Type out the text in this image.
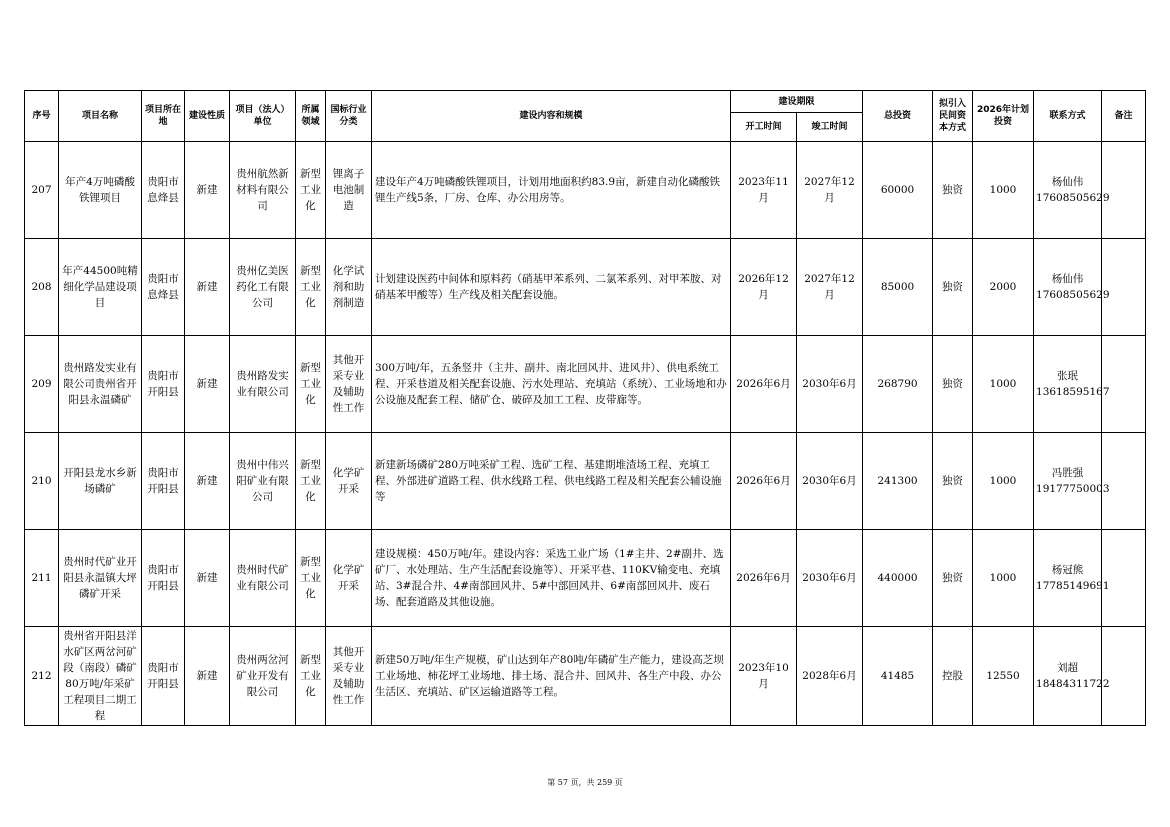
序号	项目名称	项目所在地	建设性质	项目（法人）单位	所属领域	国标行业分类	建设内容和规模	建设期限		总投资	拟引入民间资本方式	2026年计划投资	联系方式	备注
								开工时间	竣工时间					
207	年产4万吨磷酸铁锂项目	贵阳市息烽县	新建	贵州航然新材料有限公司	新型工业化	锂离子电池制造	建设年产4万吨磷酸铁锂项目，计划用地面积约83.9亩，新建自动化磷酸铁锂生产线5条，厂房、仓库、办公用房等。	2023年11月	2027年12月	60000	独资	1000	杨仙伟
17608505629	
208	年产44500吨精细化学品建设项目	贵阳市息烽县	新建	贵州亿美医药化工有限公司	新型工业化	化学试剂和助剂制造	计划建设医药中间体和原料药（硝基甲苯系列、二氯苯系列、对甲苯胺、对硝基苯甲酸等）生产线及相关配套设施。	2026年12月	2027年12月	85000	独资	2000	杨仙伟
17608505629	
209	贵州路发实业有限公司贵州省开阳县永温磷矿	贵阳市开阳县	新建	贵州路发实业有限公司	新型工业化	其他开采专业及辅助性工作	300万吨/年，五条竖井（主井、副井、南北回风井、进风井）、供电系统工程、开采巷道及相关配套设施、污水处理站、充填站（系统）、工业场地和办公设施及配套工程、储矿仓、破碎及加工工程、皮带廊等。	2026年6月	2030年6月	268790	独资	1000	张珉
13618595167	
210	开阳县龙水乡新场磷矿	贵阳市开阳县	新建	贵州中伟兴阳矿业有限公司	新型工业化	化学矿开采	新建新场磷矿280万吨采矿工程、选矿工程、基建期堆渣场工程、充填工程、外部进矿道路工程、供水线路工程、供电线路工程及相关配套公辅设施等	2026年6月	2030年6月	241300	独资	1000	冯胜强
19177750003	
211	贵州时代矿业开阳县永温镇大坪磷矿开采	贵阳市开阳县	新建	贵州时代矿业有限公司	新型工业化	化学矿开采	建设规模：450万吨/年。建设内容：采选工业广场（1#主井、2#副井、选矿厂、水处理站、生产生活配套设施等）、开采平巷、110KV输变电、充填站、3#混合井、4#南部回风井、5#中部回风井、6#南部回风井、废石场、配套道路及其他设施。	2026年6月	2030年6月	440000	独资	1000	杨冠熊
17785149691	
212	贵州省开阳县洋水矿区两岔河矿段（南段）磷矿80万吨/年采矿工程项目二期工程	贵阳市开阳县	新建	贵州两岔河矿业开发有限公司	新型工业化	其他开采专业及辅助性工作	新建50万吨/年生产规模，矿山达到年产80吨/年磷矿生产能力，建设高芝坝工业场地、柿花坪工业场地、排土场、混合井、回风井、各生产中段、办公生活区、充填站、矿区运输道路等工程。	2023年10月	2028年6月	41485	控股	12550	刘超
18484311722	
第 57 页，共 259 页
